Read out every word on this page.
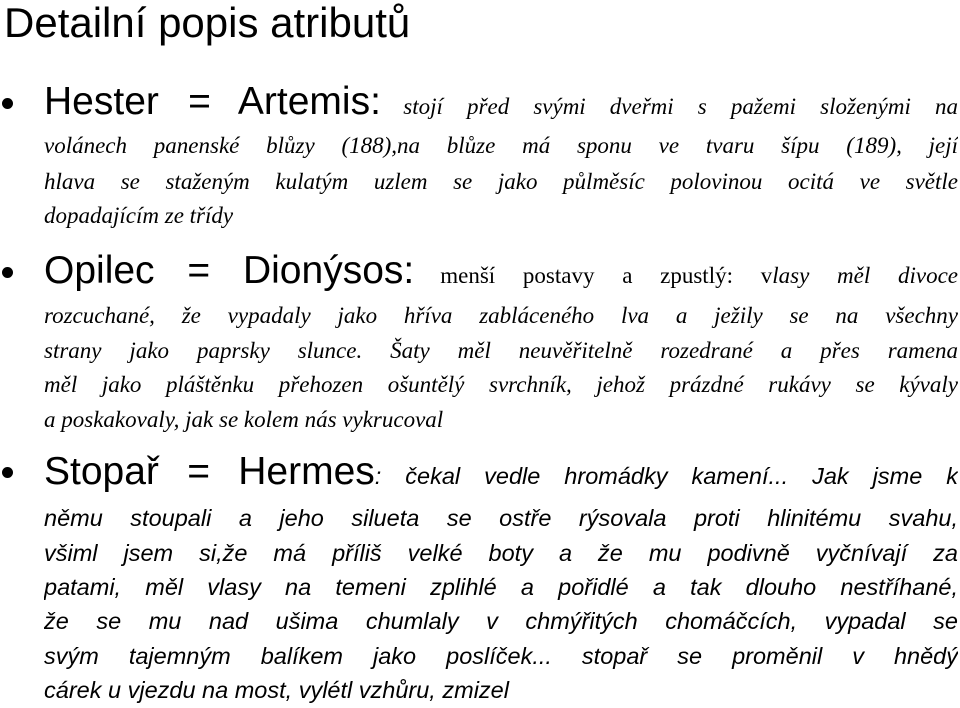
Detailní popis atributů
Hester = Artemis: stojí před svými dveřmi s pažemi složenými na
volánech panenské blůzy (188),na blůze má sponu ve tvaru šípu (189), její
hlava se staženým kulatým uzlem se jako půlměsíc polovinou ocitá ve světle
dopadajícím ze třídy
Opilec = Dionýsos: menší postavy a zpustlý: vlasy měl divoce
rozcuchané, že vypadaly jako hříva zabláceného lva a ježily se na všechny
strany jako paprsky slunce. Šaty měl neuvěřitelně rozedrané a přes ramena
měl jako pláštěnku přehozen ošuntělý svrchník, jehož prázdné rukávy se kývaly
a poskakovaly, jak se kolem nás vykrucoval
Stopař = Hermes: čekal vedle hromádky kamení... Jak jsme k
němu stoupali a jeho silueta se ostře rýsovala proti hlinitému svahu,
všiml jsem si,že má příliš velké boty a že mu podivně vyčnívají za
patami, měl vlasy na temeni zplihlé a pořidlé a tak dlouho nestříhané,
že se mu nad ušima chumlaly v chmýřitých chomáčcích, vypadal se
svým tajemným balíkem jako poslíček... stopař se proměnil v hnědý
cárek u vjezdu na most, vylétl vzhůru, zmizel
